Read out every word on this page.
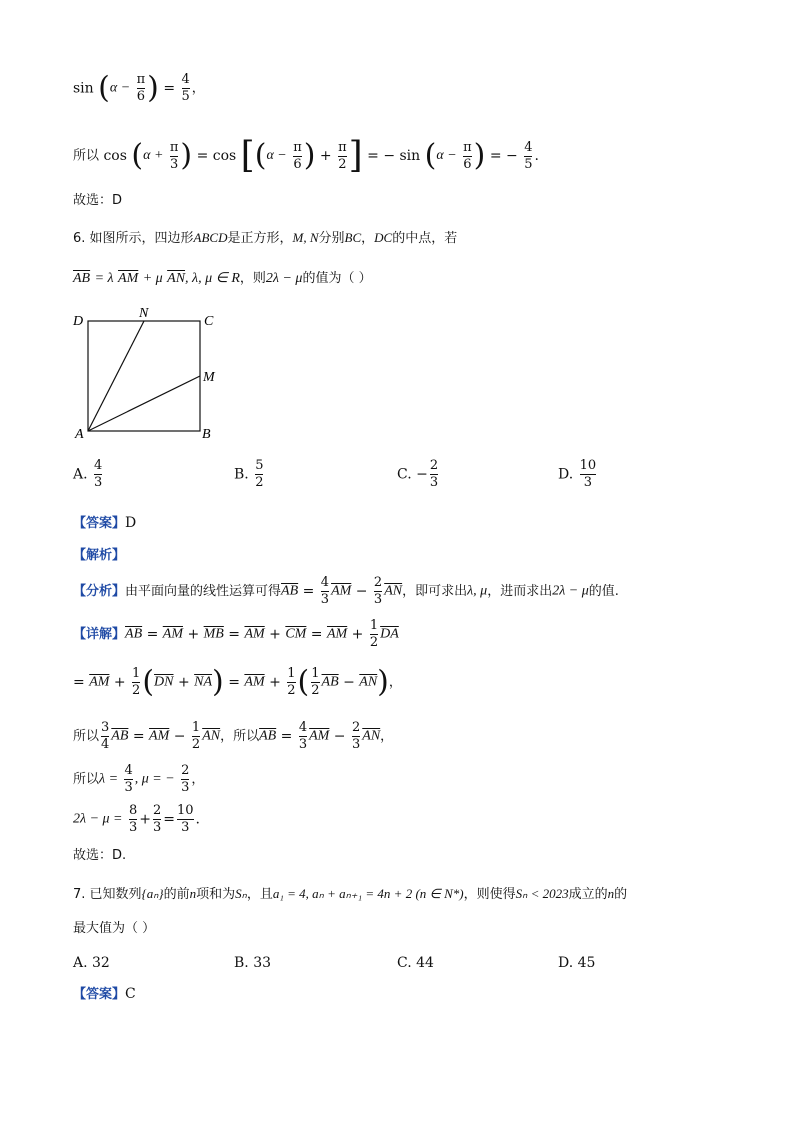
$\sin (\alpha - \frac{\pi}{6}$ ) = $\frac{4}{5}$ ，
所以 $\cos (\alpha + \frac{\pi}{3}$ ) = $\cos [(\alpha - \frac{\pi}{6}$ ) + $\frac{\pi}{2}$ ] = − $\sin (\alpha - \frac{\pi}{6}$ ) = − $\frac{4}{5}$ .
故选：D
6. 如图所示，四边形ABCD是正方形，M, N分别BC，DC的中点，若
$\overline{AB} = \lambda$ $\overline{AM} + \mu$ $\overline{AN}$, λ, μ ∈ R，则2λ − μ的值为（ ）
D
N
C
M
A	B
A. $\frac{4}{3}$	B. $\frac{5}{2}$	C. − $\frac{2}{3}$	D. $\frac{10}{3}$
【答案】D
【解析】
【分析】由平面向量的线性运算可得$\overline{AB} = \frac{4}{3} \overline{AM} - \frac{2}{3} \overline{AN}$，即可求出λ, μ，进而求出2λ − μ的值.
【详解】$\overline{AB} = \overline{AM} + \overline{MB} = \overline{AM} + \overline{CM} = \overline{AM} + \frac{1}{2} \overline{DA}$
= $\overline{AM} + \frac{1}{2} (\overline{DN} + \overline{NA}) = \overline{AM} + \frac{1}{2}$ ( $\frac{1}{2} \overline{AB} - \overline{AN}$)，
所以 $\frac{3}{4} \overline{AB} = \overline{AM} - \frac{1}{2} \overline{AN}$，所以$\overline{AB} = \frac{4}{3} \overline{AM} - \frac{2}{3} \overline{AN}$，
所以$\lambda = \frac{4}{3}$ , μ = − $\frac{2}{3}$ ，
$2\lambda - \mu = \frac{8}{3} + \frac{2}{3} = \frac{10}{3}$ .
故选：D.
7. 已知数列{aₙ}的前n项和为Sₙ，且a₁ = 4, aₙ + aₙ₊₁ = 4n + 2 (n ∈ N*)，则使得Sₙ < 2023成立的n的
最大值为（ ）
A. 32	B. 33	C. 44	D. 45
【答案】C
